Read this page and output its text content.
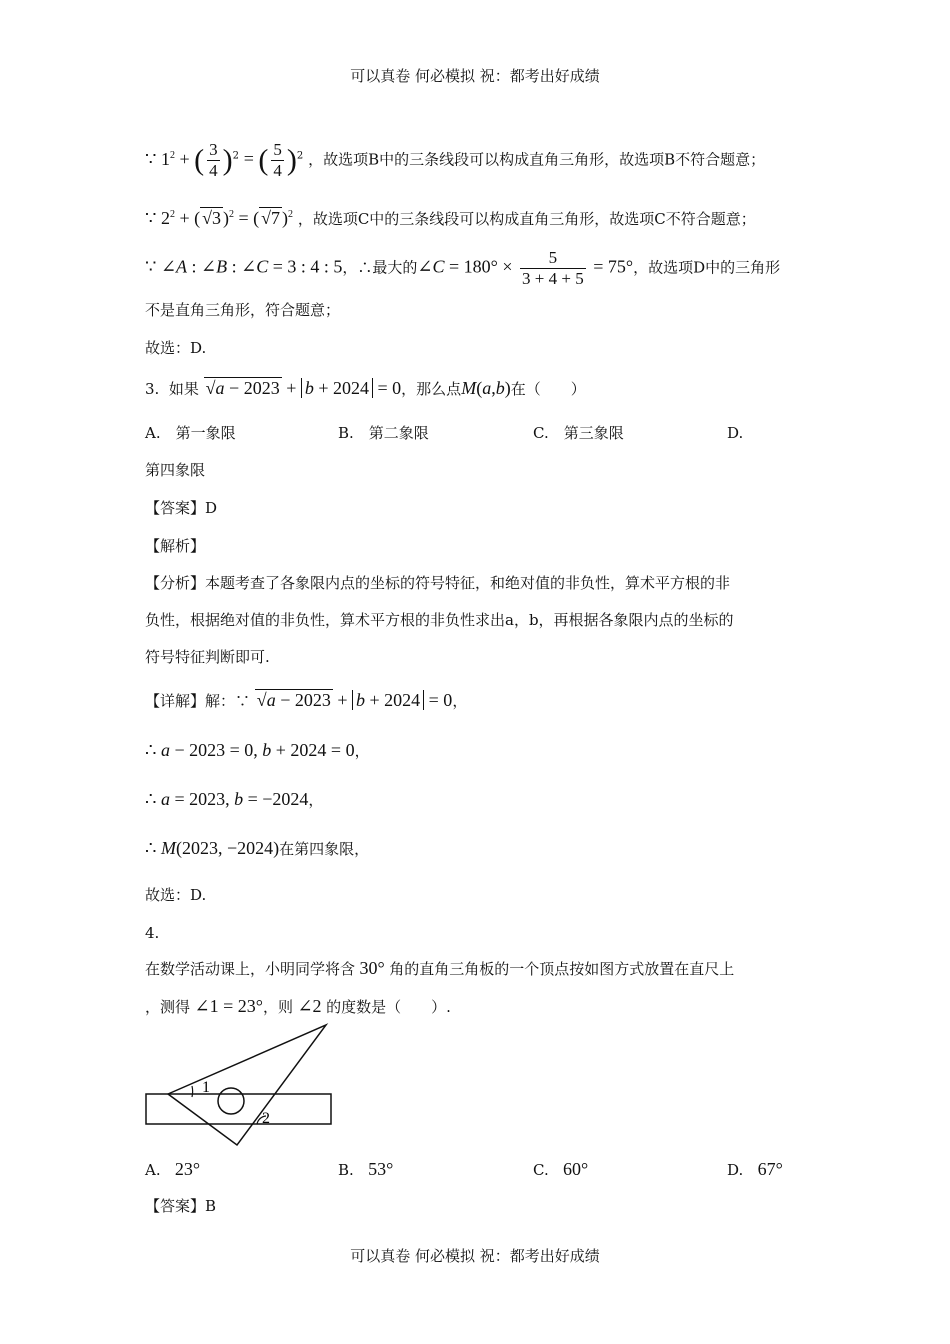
可以真卷 何必模拟 祝：都考出好成绩
∵ $1^2$ + ( $\frac{3}{4} )^2$ = ( $\frac{5}{4} )^2$ ，故选项B中的三条线段可以构成直角三角形，故选项B不符合题意；
∵ $2^2$ + ( √3 )$^2$ = ( √7 )$^2$ ，故选项C中的三条线段可以构成直角三角形，故选项C不符合题意；
∵ ∠A : ∠B : ∠C = 3 : 4 : 5，∴最大的∠C = $180^\circ \times \frac{5}{3 + 4 + 5} = 75^\circ$，故选项D中的三角形
不是直角三角形，符合题意；
故选：D.
3. 如果 √a − 2023 + b + 2024 = 0，那么点M(a,b)在（　　）
A.　第一象限	B.　第二象限	C.　第三象限	D.
第四象限
【答案】D
【解析】
【分析】本题考查了各象限内点的坐标的符号特征，和绝对值的非负性，算术平方根的非
负性，根据绝对值的非负性，算术平方根的非负性求出a，b，再根据各象限内点的坐标的
符号特征判断即可.
【详解】解：∵ √a − 2023 + b + 2024 = 0，
∴ a − 2023 = 0, b + 2024 = 0，
∴ a = 2023, b = −2024，
∴ M(2023, −2024)在第四象限，
故选：D.
4.
在数学活动课上，小明同学将含 30° 角的直角三角板的一个顶点按如图方式放置在直尺上
，测得 ∠1 = 23°，则 ∠2 的度数是（　　）.
1
2
A. 23°	B. 53°	C. 60°	D. 67°
【答案】B
可以真卷 何必模拟 祝：都考出好成绩
